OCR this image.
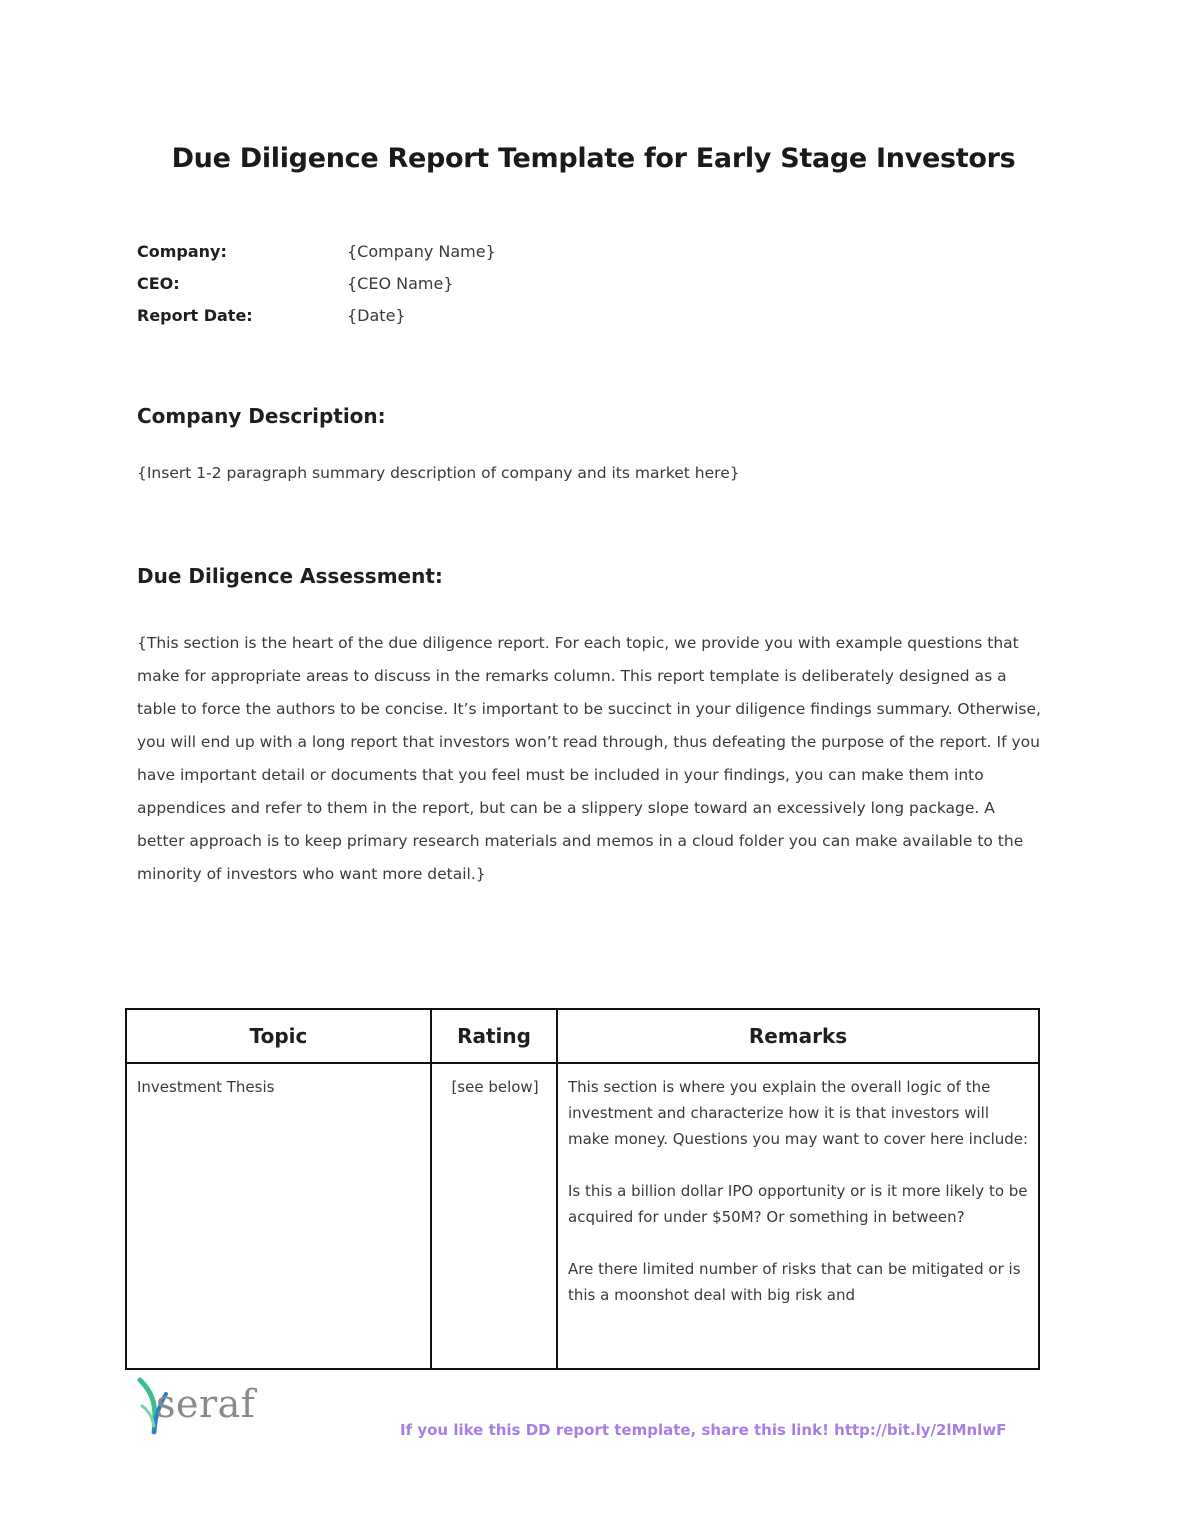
Due Diligence Report Template for Early Stage Investors
Company:	{Company Name}
CEO:	{CEO Name}
Report Date:	{Date}
Company Description:
{Insert 1-2 paragraph summary description of company and its market here}
Due Diligence Assessment:
{This section is the heart of the due diligence report. For each topic, we provide you with example questions that make for appropriate areas to discuss in the remarks column. This report template is deliberately designed as a table to force the authors to be concise. It’s important to be succinct in your diligence findings summary. Otherwise, you will end up with a long report that investors won’t read through, thus defeating the purpose of the report. If you have important detail or documents that you feel must be included in your findings, you can make them into appendices and refer to them in the report, but can be a slippery slope toward an excessively long package. A better approach is to keep primary research materials and memos in a cloud folder you can make available to the minority of investors who want more detail.}
Topic	Rating	Remarks
Investment Thesis	[see below]	This section is where you explain the overall logic of the investment and characterize how it is that investors will make money. Questions you may want to cover here include:

Is this a billion dollar IPO opportunity or is it more likely to be acquired for under $50M? Or something in between?

Are there limited number of risks that can be mitigated or is this a moonshot deal with big risk and

seraf
If you like this DD report template, share this link! http://bit.ly/2lMnlwF
